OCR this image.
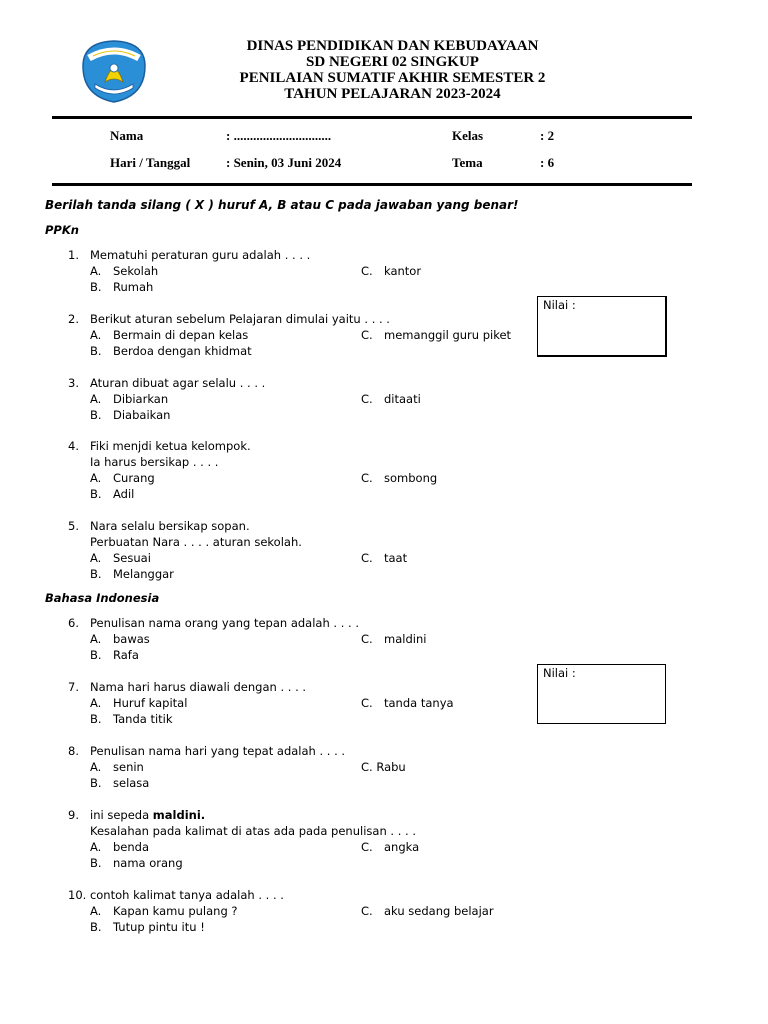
DINAS PENDIDIKAN DAN KEBUDAYAAN
SD NEGERI 02 SINGKUP
PENILAIAN SUMATIF AKHIR SEMESTER 2
TAHUN PELAJARAN 2023-2024
Nama	: ..............................	Kelas	: 2
Hari / Tanggal	: Senin, 03 Juni 2024	Tema	: 6
Berilah tanda silang ( X ) huruf A, B atau C pada jawaban yang benar!
PPKn
Nilai :
1. Mematuhi peraturan guru adalah . . . .
A. Sekolah	C. kantor
B. Rumah
2. Berikut aturan sebelum Pelajaran dimulai yaitu . . . .
A. Bermain di depan kelas	C. memanggil guru piket
B. Berdoa dengan khidmat
3. Aturan dibuat agar selalu . . . .
A. Dibiarkan	C. ditaati
B. Diabaikan
4. Fiki menjdi ketua kelompok.
Ia harus bersikap . . . .
A. Curang	C. sombong
B. Adil
5. Nara selalu bersikap sopan.
Perbuatan Nara . . . . aturan sekolah.
A. Sesuai	C. taat
B. Melanggar
Bahasa Indonesia
Nilai :
6. Penulisan nama orang yang tepan adalah . . . .
A. bawas	C. maldini
B. Rafa
7. Nama hari harus diawali dengan . . . .
A. Huruf kapital	C. tanda tanya
B. Tanda titik
8. Penulisan nama hari yang tepat adalah . . . .
A. senin	C. Rabu
B. selasa
9. ini sepeda maldini.
Kesalahan pada kalimat di atas ada pada penulisan . . . .
A. benda	C. angka
B. nama orang
10. contoh kalimat tanya adalah . . . .
A. Kapan kamu pulang ?	C. aku sedang belajar
B. Tutup pintu itu !
